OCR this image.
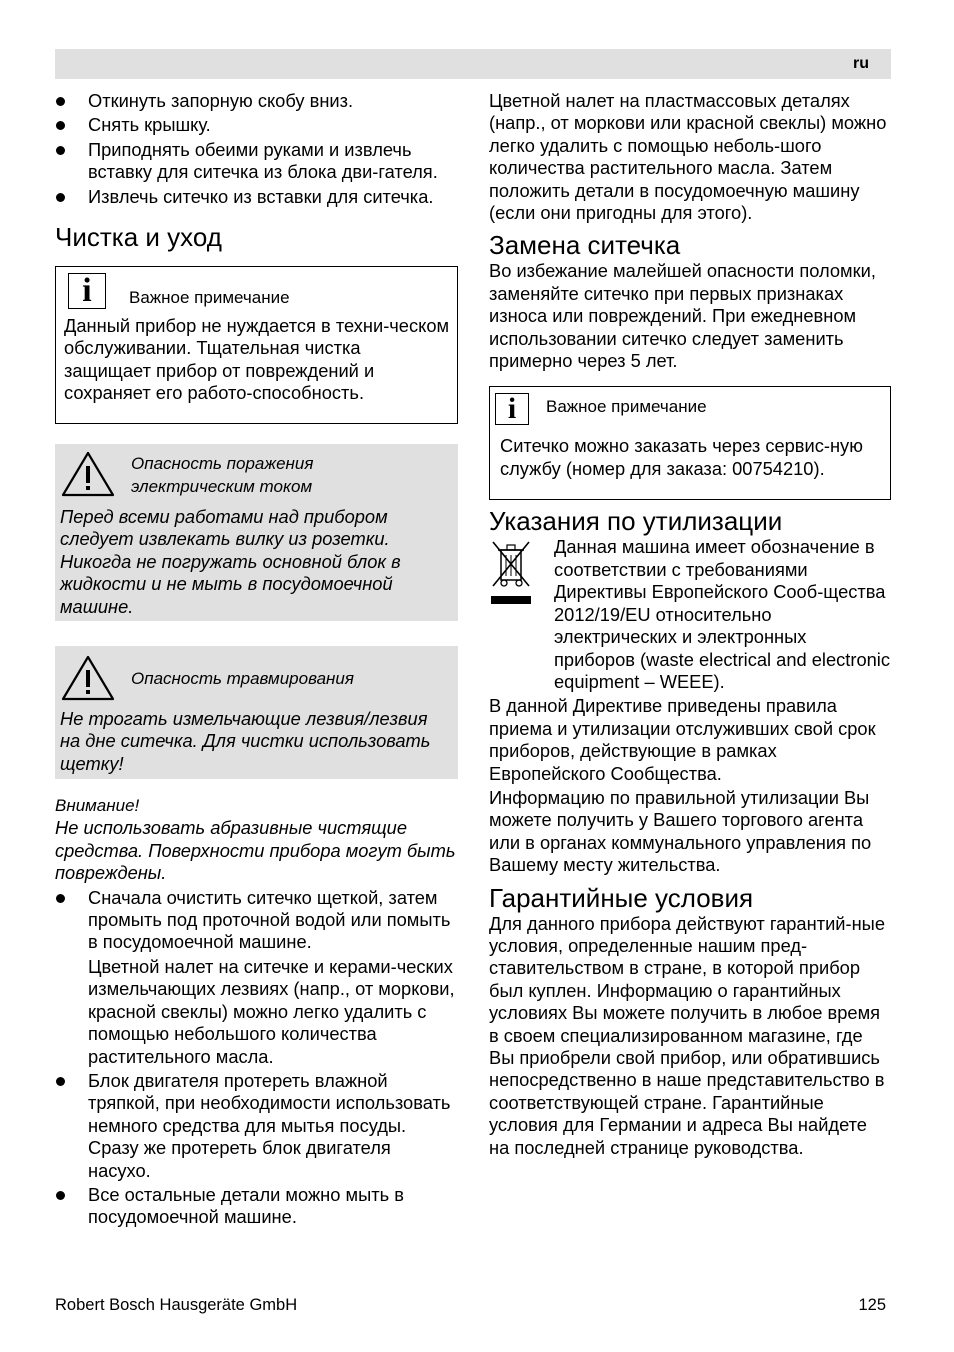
ru
Откинуть запорную скобу вниз.
Снять крышку.
Приподнять обеими руками и извлечь вставку для ситечка из блока дви-гателя.
Извлечь ситечко из вставки для ситечка.
Чистка и уход
i	Важное примечание
Данный прибор не нуждается в техни-ческом обслуживании. Тщательная чистка защищает прибор от повреждений и сохраняет его работо-способность.
Опасность поражения электрическим током
Перед всеми работами над прибором следует извлекать вилку из розетки. Никогда не погружать основной блок в жидкости и не мыть в посудомоечной машине.
Опасность травмирования
Не трогать измельчающие лезвия/лезвия на дне ситечка. Для чистки использовать щетку!
Внимание!
Не использовать абразивные чистящие средства. Поверхности прибора могут быть повреждены.
Сначала очистить ситечко щеткой, затем промыть под проточной водой или помыть в посудомоечной машине.
Цветной налет на ситечке и керами-ческих измельчающих лезвиях (напр., от моркови, красной свеклы) можно легко удалить с помощью небольшого количества растительного масла.
Блок двигателя протереть влажной тряпкой, при необходимости использовать немного средства для мытья посуды. Сразу же протереть блок двигателя насухо.
Все остальные детали можно мыть в посудомоечной машине.
Цветной налет на пластмассовых деталях (напр., от моркови или красной свеклы) можно легко удалить с помощью неболь-шого количества растительного масла. Затем положить детали в посудомоечную машину (если они пригодны для этого).
Замена ситечка
Во избежание малейшей опасности поломки, заменяйте ситечко при первых признаках износа или повреждений. При ежедневном использовании ситечко следует заменить примерно через 5 лет.
i	Важное примечание
Ситечко можно заказать через сервис-ную службу (номер для заказа: 00754210).
Указания по утилизации
Данная машина имеет обозначение в соответствии с требованиями Директивы Европейского Сооб-щества 2012/19/EU относительно электрических и электронных приборов (waste electrical and electronic equipment – WEEE).
В данной Директиве приведены правила приема и утилизации отслуживших свой срок приборов, действующие в рамках Европейского Сообщества.
Информацию по правильной утилизации Вы можете получить у Вашего торгового агента или в органах коммунального управления по Вашему месту жительства.
Гарантийные условия
Для данного прибора действуют гарантий-ные условия, определенные нашим пред-ставительством в стране, в которой прибор был куплен. Информацию о гарантийных условиях Вы можете получить в любое время в своем специализированном магазине, где Вы приобрели свой прибор, или обратившись непосредственно в наше представительство в соответствующей стране. Гарантийные условия для Германии и адреса Вы найдете на последней странице руководства.
Robert Bosch Hausgeräte GmbH	125
